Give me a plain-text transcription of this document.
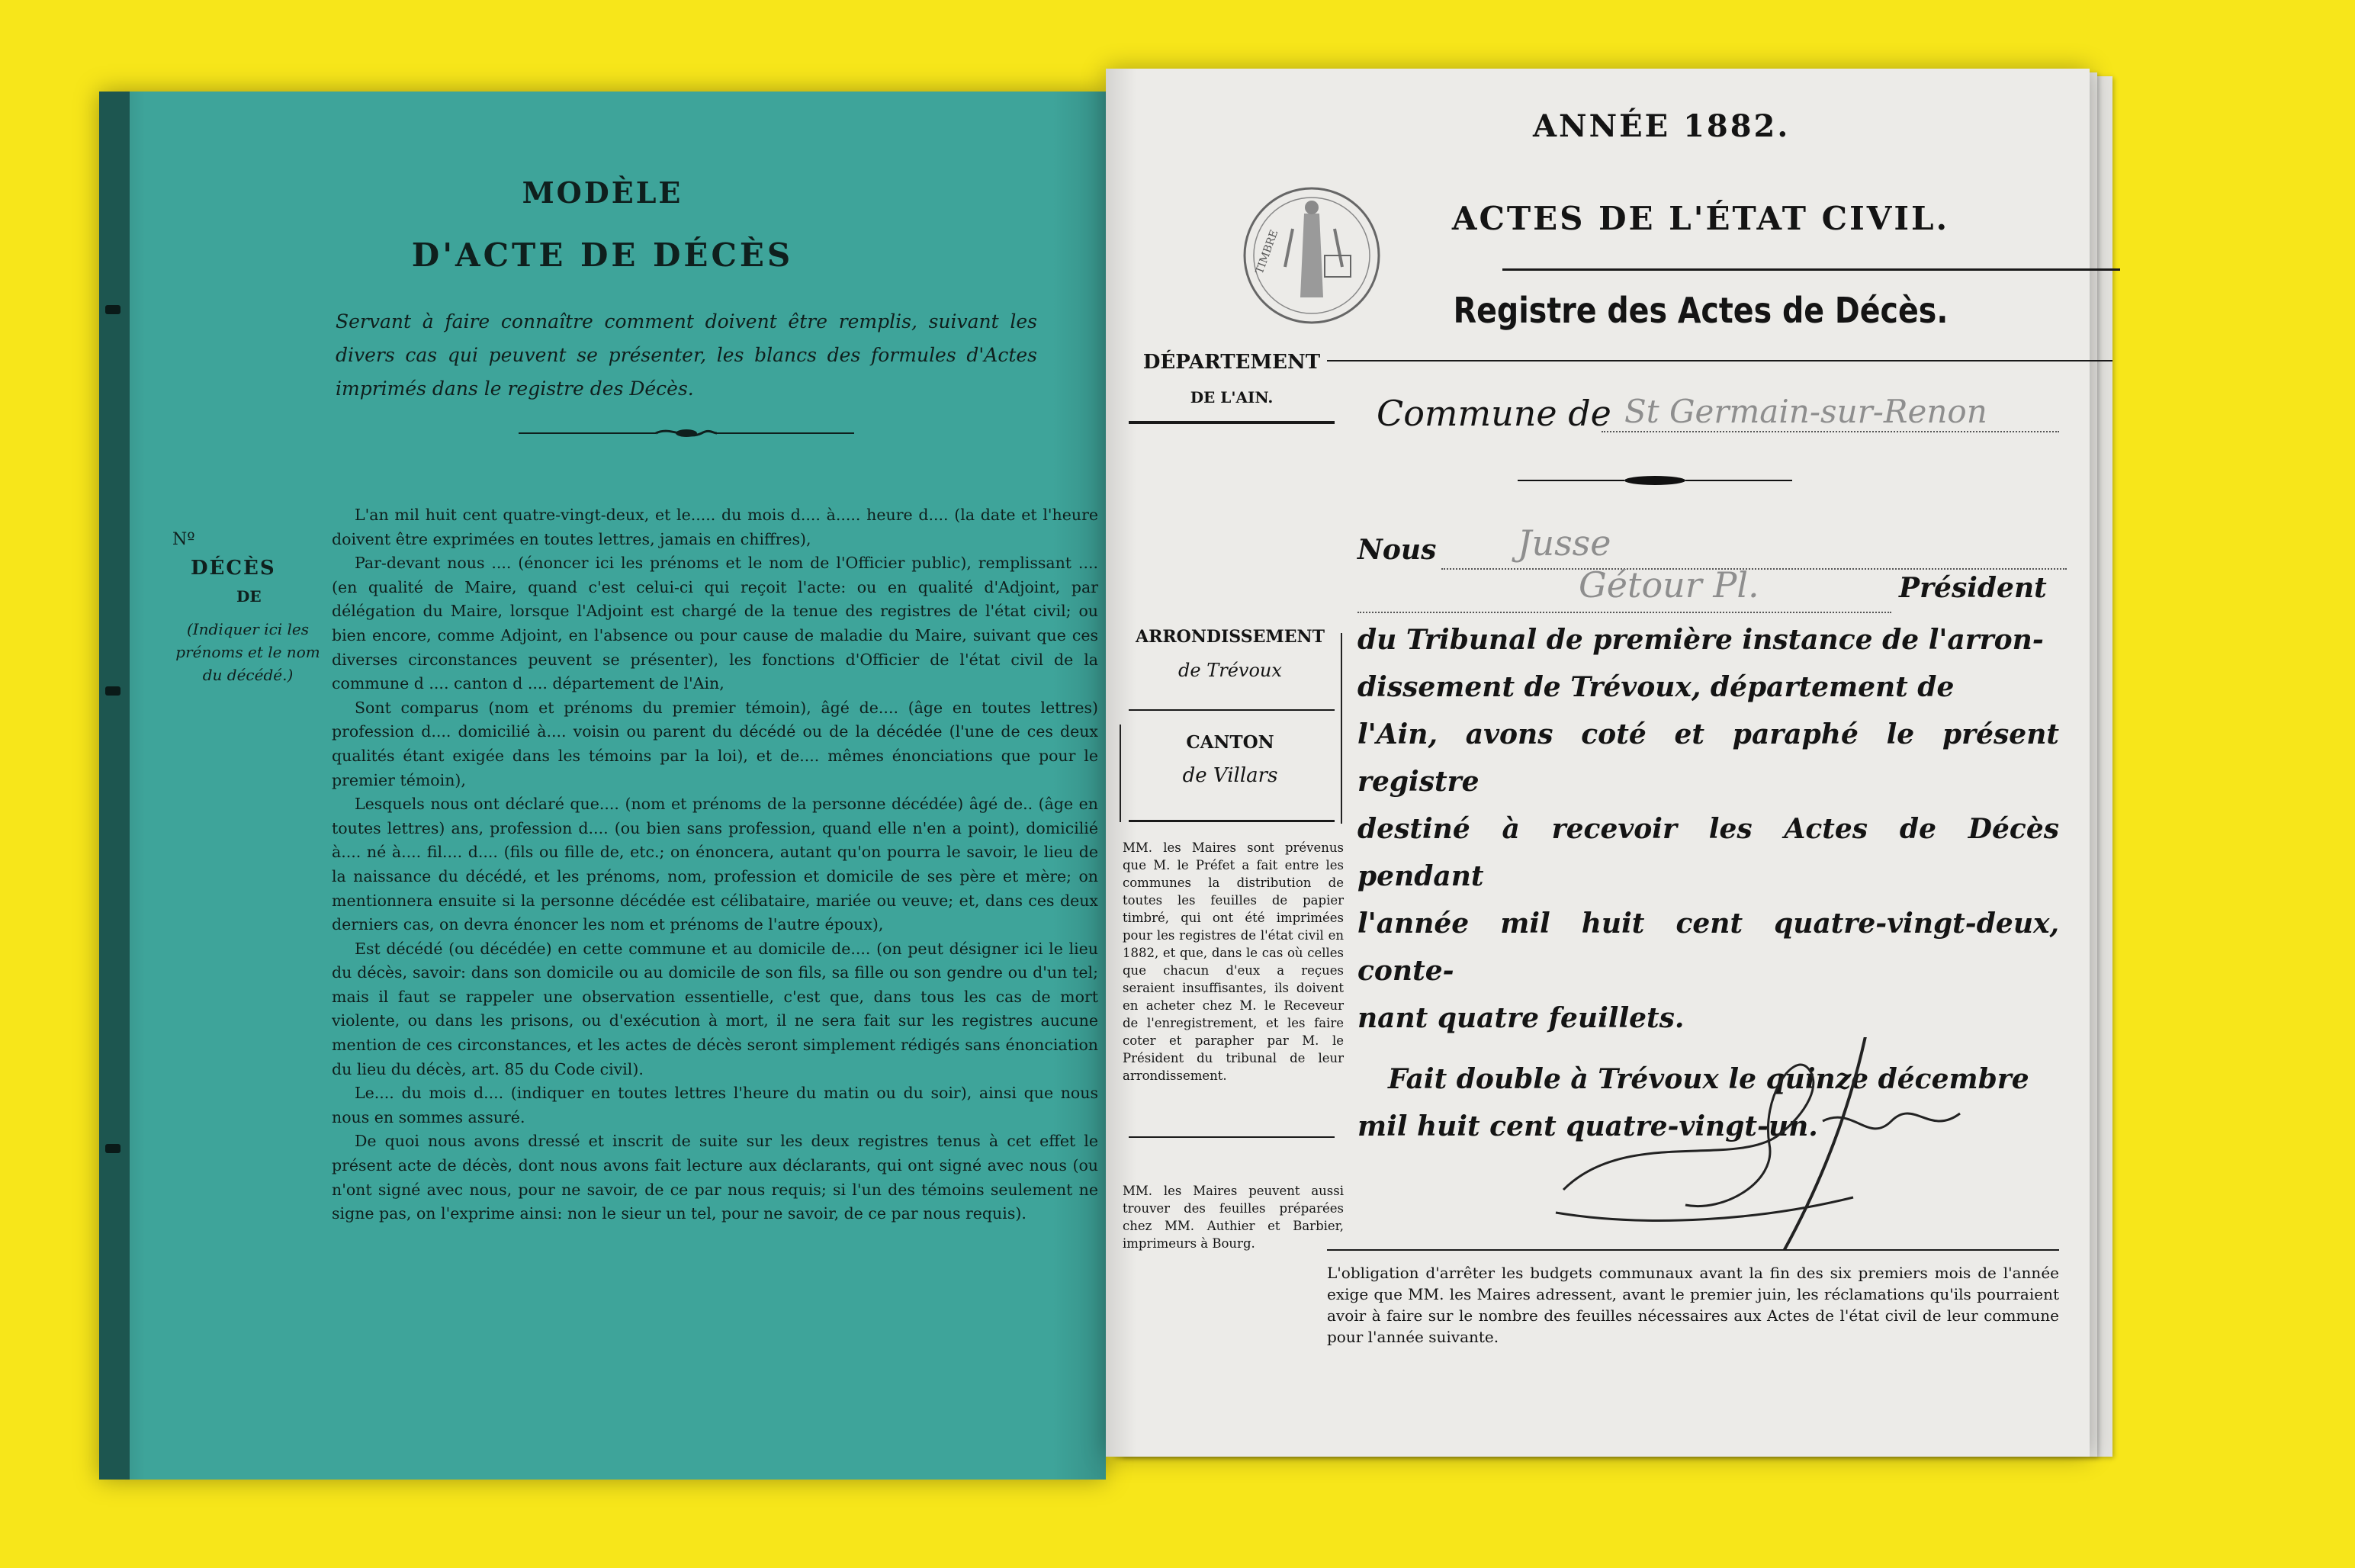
MODÈLE
D'ACTE DE DÉCÈS
Servant à faire connaître comment doivent être remplis, suivant les divers cas qui peuvent se présenter, les blancs des formules d'Actes imprimés dans le registre des Décès.
Nº
DÉCÈS
DE
(Indiquer ici les prénoms et le nom du décédé.)

L'an mil huit cent quatre-vingt-deux, et le..... du mois d.... à..... heure d.... (la date et l'heure doivent être exprimées en toutes lettres, jamais en chiffres),

Par-devant nous .... (énoncer ici les prénoms et le nom de l'Officier public), remplissant .... (en qualité de Maire, quand c'est celui-ci qui reçoit l'acte: ou en qualité d'Adjoint, par délégation du Maire, lorsque l'Adjoint est chargé de la tenue des registres de l'état civil; ou bien encore, comme Adjoint, en l'absence ou pour cause de maladie du Maire, suivant que ces diverses circonstances peuvent se présenter), les fonctions d'Officier de l'état civil de la commune d .... canton d .... département de l'Ain,

Sont comparus (nom et prénoms du premier témoin), âgé de.... (âge en toutes lettres) profession d.... domicilié à.... voisin ou parent du décédé ou de la décédée (l'une de ces deux qualités étant exigée dans les témoins par la loi), et de.... mêmes énonciations que pour le premier témoin),

Lesquels nous ont déclaré que.... (nom et prénoms de la personne décédée) âgé de.. (âge en toutes lettres) ans, profession d.... (ou bien sans profession, quand elle n'en a point), domicilié à.... né à.... fil.... d.... (fils ou fille de, etc.; on énoncera, autant qu'on pourra le savoir, le lieu de la naissance du décédé, et les prénoms, nom, profession et domicile de ses père et mère; on mentionnera ensuite si la personne décédée est célibataire, mariée ou veuve; et, dans ces deux derniers cas, on devra énoncer les nom et prénoms de l'autre époux),

Est décédé (ou décédée) en cette commune et au domicile de.... (on peut désigner ici le lieu du décès, savoir: dans son domicile ou au domicile de son fils, sa fille ou son gendre ou d'un tel; mais il faut se rappeler une observation essentielle, c'est que, dans tous les cas de mort violente, ou dans les prisons, ou d'exécution à mort, il ne sera fait sur les registres aucune mention de ces circonstances, et les actes de décès seront simplement rédigés sans énonciation du lieu du décès, art. 85 du Code civil).

Le.... du mois d.... (indiquer en toutes lettres l'heure du matin ou du soir), ainsi que nous nous en sommes assuré.

De quoi nous avons dressé et inscrit de suite sur les deux registres tenus à cet effet le présent acte de décès, dont nous avons fait lecture aux déclarants, qui ont signé avec nous (ou n'ont signé avec nous, pour ne savoir, de ce par nous requis; si l'un des témoins seulement ne signe pas, on l'exprime ainsi: non le sieur un tel, pour ne savoir, de ce par nous requis).

ANNÉE 1882.
TIMBRE
ACTES DE L'ÉTAT CIVIL.
Registre des Actes de Décès.
DÉPARTEMENT
DE L'AIN.	Commune de St Germain-sur-Renon
Nous Jusse
Gétour Pl.	Président
ARRONDISSEMENT
de Trévoux
CANTON
de Villars
du Tribunal de première instance de l'arron-
dissement de Trévoux, département de
l'Ain, avons coté et paraphé le présent registre
destiné à recevoir les Actes de Décès pendant
l'année mil huit cent quatre-vingt-deux, conte-
nant quatre feuillets.
Fait double à Trévoux le quinze décembre
mil huit cent quatre-vingt-un.
MM. les Maires sont prévenus que M. le Préfet a fait entre les communes la distribution de toutes les feuilles de papier timbré, qui ont été imprimées pour les registres de l'état civil en 1882, et que, dans le cas où celles que chacun d'eux a reçues seraient insuffisantes, ils doivent en acheter chez M. le Receveur de l'enregistrement, et les faire coter et parapher par M. le Président du tribunal de leur arrondissement.
MM. les Maires peuvent aussi trouver des feuilles préparées chez MM. Authier et Barbier, imprimeurs à Bourg.
L'obligation d'arrêter les budgets communaux avant la fin des six premiers mois de l'année exige que MM. les Maires adressent, avant le premier juin, les réclamations qu'ils pourraient avoir à faire sur le nombre des feuilles nécessaires aux Actes de l'état civil de leur commune pour l'année suivante.
